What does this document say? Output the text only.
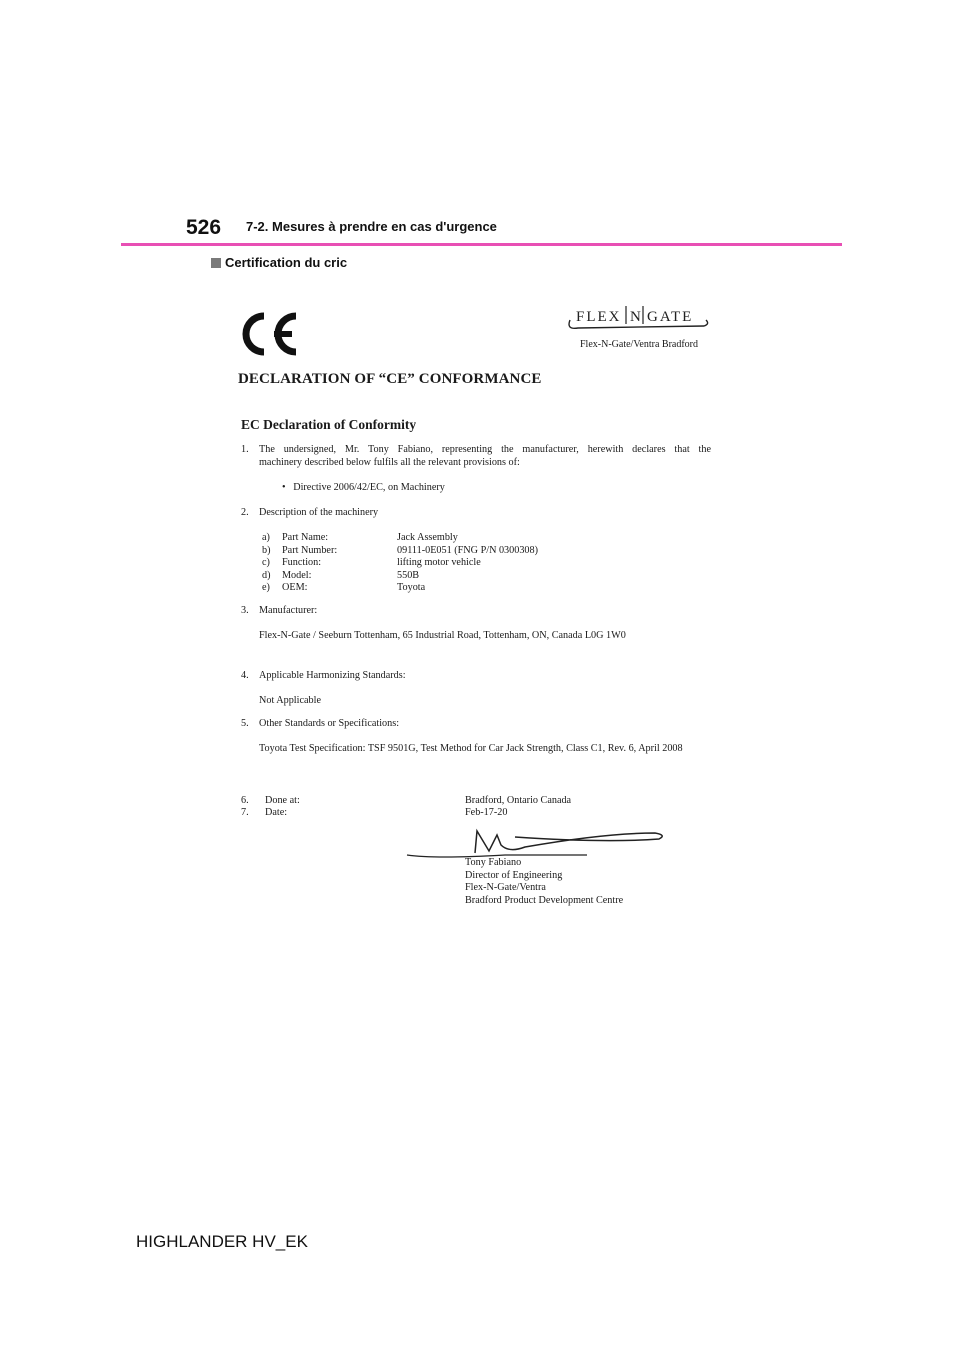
526 7-2. Mesures à prendre en cas d'urgence
Certification du cric
FLEX N GATE
Flex-N-Gate/Ventra Bradford
DECLARATION OF “CE” CONFORMANCE
EC Declaration of Conformity
1. The undersigned, Mr. Tony Fabiano, representing the manufacturer, herewith declares that the
machinery described below fulfils all the relevant provisions of:
•   Directive 2006/42/EC, on Machinery
2. Description of the machinery
a)	Part Name:	Jack Assembly
b)	Part Number:	09111-0E051 (FNG P/N 0300308)
c)	Function:	lifting motor vehicle
d)	Model:	550B
e)	OEM:	Toyota
3. Manufacturer:
Flex-N-Gate / Seeburn Tottenham, 65 Industrial Road, Tottenham, ON, Canada L0G 1W0
4. Applicable Harmonizing Standards:
Not Applicable
5. Other Standards or Specifications:
Toyota Test Specification: TSF 9501G, Test Method for Car Jack Strength, Class C1, Rev. 6, April 2008
6.	Done at:	Bradford, Ontario Canada
7.	Date:	Feb-17-20
Tony Fabiano
Director of Engineering
Flex-N-Gate/Ventra
Bradford Product Development Centre
HIGHLANDER HV_EK
